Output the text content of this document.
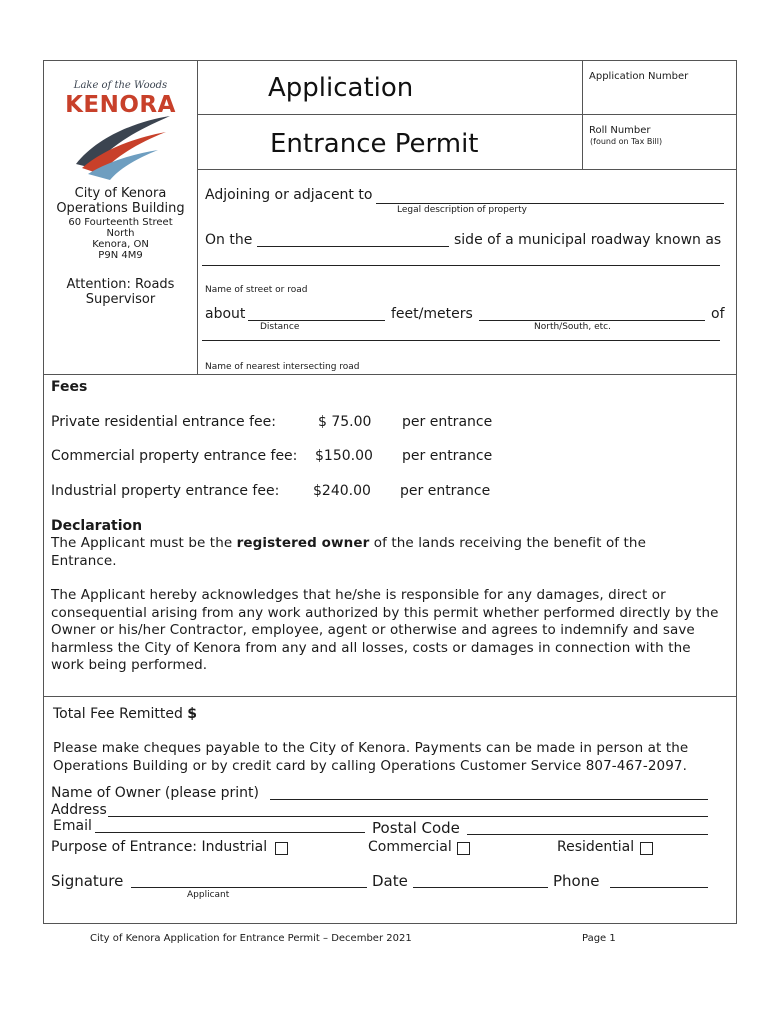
Lake of the Woods
KENORA
Application
Entrance Permit
Application Number
Roll Number
(found on Tax Bill)
City of Kenora
Operations Building
60 Fourteenth Street
North
Kenora, ON
P9N 4M9
Attention: Roads
Supervisor
Adjoining or adjacent to
Legal description of property
On the	side of a municipal roadway known as
Name of street or road
about
Distance
feet/meters
North/South, etc.
of
Name of nearest intersecting road
Fees
Private residential entrance fee:	$ 75.00 per entrance
Commercial property entrance fee: $150.00 per entrance
Industrial property entrance fee: $240.00 per entrance
Declaration
The Applicant must be the registered owner of the lands receiving the benefit of the
Entrance.
The Applicant hereby acknowledges that he/she is responsible for any damages, direct or
consequential arising from any work authorized by this permit whether performed directly by the
Owner or his/her Contractor, employee, agent or otherwise and agrees to indemnify and save
harmless the City of Kenora from any and all losses, costs or damages in connection with the
work being performed.
Total Fee Remitted $
Please make cheques payable to the City of Kenora. Payments can be made in person at the
Operations Building or by credit card by calling Operations Customer Service 807-467-2097.
Name of Owner (please print)
Address
Email	Postal Code
Purpose of Entrance: Industrial	Commercial	Residential
Signature
Applicant
Date	Phone
City of Kenora Application for Entrance Permit – December 2021	Page 1
